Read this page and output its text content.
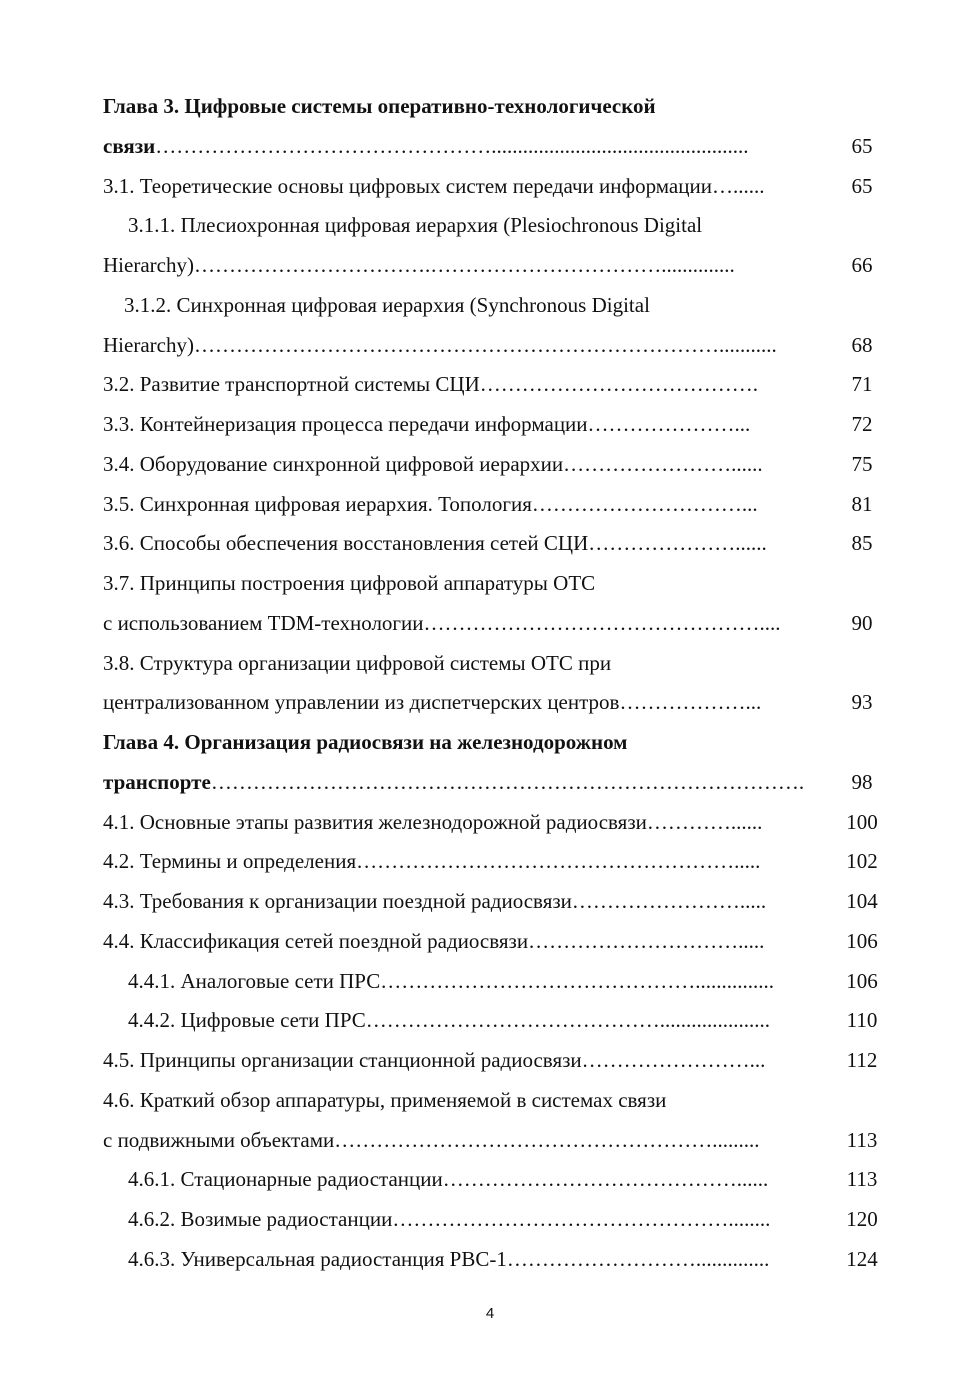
Глава 3. Цифровые системы оперативно-технологической
связи………………………………………….................................................	65
3.1. Теоретические основы цифровых систем передачи информации…......	65
3.1.1. Плесиохронная цифровая иерархия (Plesiochronous Digital
Hierarchy)…………………………….……………………………..............	66
3.1.2. Синхронная цифровая иерархия (Synchronous Digital
Hierarchy)…………………………………………………………………...........	68
3.2. Развитие транспортной системы СЦИ………………………………….	71
3.3. Контейнеризация процесса передачи информации…………………...	72
3.4. Оборудование синхронной цифровой иерархии……………………......	75
3.5. Синхронная цифровая иерархия. Топология…………………………...	81
3.6. Способы обеспечения восстановления сетей СЦИ…………………......	85
3.7. Принципы построения цифровой аппаратуры ОТС
с использованием TDM-технологии…………………………………………....	90
3.8. Структура организации цифровой системы ОТС при
централизованном управлении из диспетчерских центров………………...	93
Глава 4. Организация радиосвязи на железнодорожном
транспорте………………………………………………………………………….	98
4.1. Основные этапы развития железнодорожной радиосвязи…………......	100
4.2. Термины и определения……………………………………………….....	102
4.3. Требования к организации поездной радиосвязи…………………….....	104
4.4. Классификация сетей поездной радиосвязи………………………….....	106
4.4.1. Аналоговые сети ПРС………………………………………...............	106
4.4.2. Цифровые сети ПРС…………………………………….....................	110
4.5. Принципы организации станционной радиосвязи……………………...	112
4.6. Краткий обзор аппаратуры, применяемой в системах связи
с подвижными объектами……………………………………………….........	113
4.6.1. Стационарные радиостанции……………………………………......	113
4.6.2. Возимые радиостанции…………………………………………........	120
4.6.3. Универсальная радиостанция РВС-1………………………..............	124
4
